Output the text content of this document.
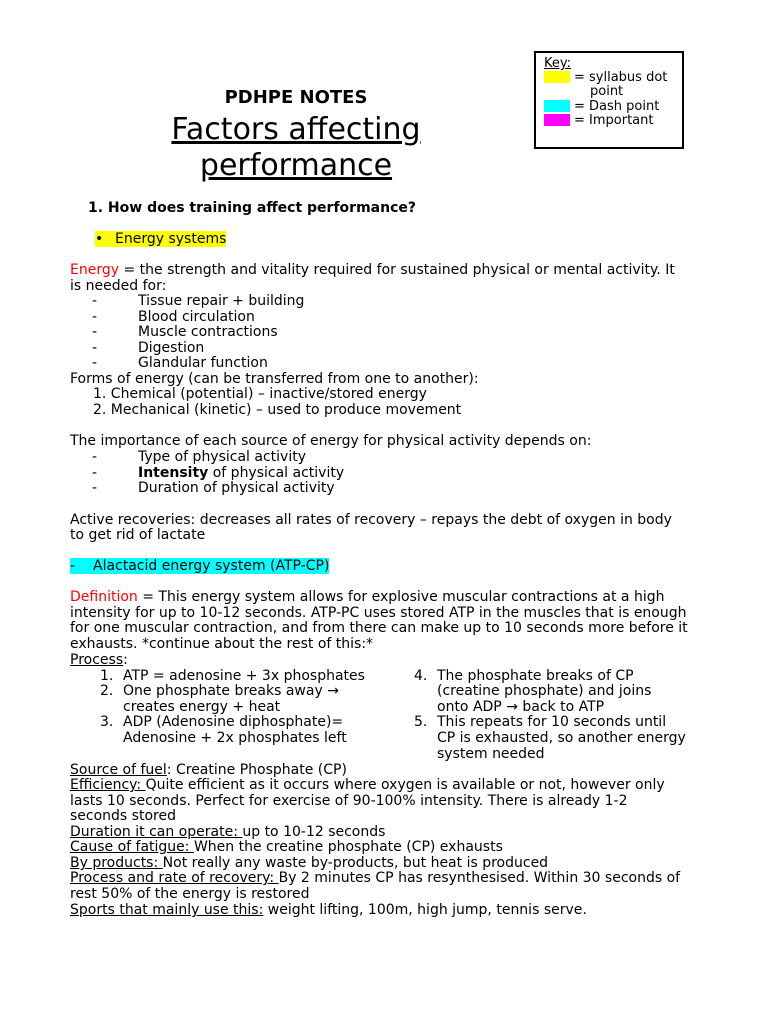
Key:
= syllabus dot
point
= Dash point
= Important
PDHPE NOTES
Factors affecting
performance
1. How does training affect performance?
• Energy systems
Energy = the strength and vitality required for sustained physical or mental activity. It
is needed for:
-	Tissue repair + building
-	Blood circulation
-	Muscle contractions
-	Digestion
-	Glandular function
Forms of energy (can be transferred from one to another):
1. Chemical (potential) – inactive/stored energy
2. Mechanical (kinetic) – used to produce movement
The importance of each source of energy for physical activity depends on:
-	Type of physical activity
-	Intensity of physical activity
-	Duration of physical activity
Active recoveries: decreases all rates of recovery – repays the debt of oxygen in body
to get rid of lactate
- Alactacid energy system (ATP-CP)
Definition = This energy system allows for explosive muscular contractions at a high
intensity for up to 10-12 seconds. ATP-PC uses stored ATP in the muscles that is enough
for one muscular contraction, and from there can make up to 10 seconds more before it
exhausts. *continue about the rest of this:*
Process:
1. ATP = adenosine + 3x phosphates
2. One phosphate breaks away →
creates energy + heat
3. ADP (Adenosine diphosphate)=
Adenosine + 2x phosphates left
4. The phosphate breaks of CP
(creatine phosphate) and joins
onto ADP → back to ATP
5. This repeats for 10 seconds until
CP is exhausted, so another energy
system needed
Source of fuel: Creatine Phosphate (CP)
Efficiency: Quite efficient as it occurs where oxygen is available or not, however only
lasts 10 seconds. Perfect for exercise of 90-100% intensity. There is already 1-2
seconds stored
Duration it can operate: up to 10-12 seconds
Cause of fatigue: When the creatine phosphate (CP) exhausts
By products: Not really any waste by-products, but heat is produced
Process and rate of recovery: By 2 minutes CP has resynthesised. Within 30 seconds of
rest 50% of the energy is restored
Sports that mainly use this: weight lifting, 100m, high jump, tennis serve.
